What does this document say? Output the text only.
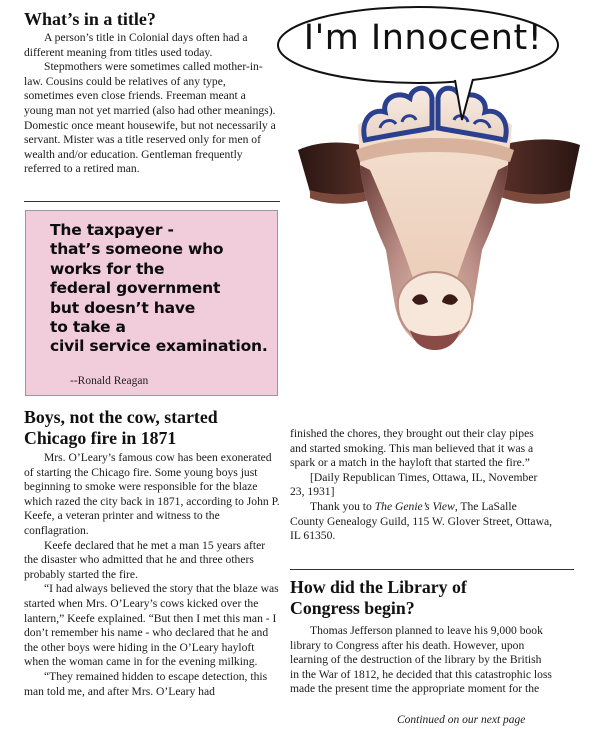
What’s in a title?

A person’s title in Colonial days often had a different meaning from titles used today.

Stepmothers were sometimes called mother-in-law. Cousins could be relatives of any type, sometimes even close friends. Freeman meant a young man not yet married (also had other meanings). Domestic once meant housewife, but not necessarily a servant. Mister was a title reserved only for men of wealth and/or education. Gentleman frequently referred to a retired man.

The taxpayer -
that’s someone who
works for the
federal government
but doesn’t have
to take a
civil service examination.
--Ronald Reagan
I'm Innocent!
Boys, not the cow, started
Chicago fire in 1871

Mrs. O’Leary’s famous cow has been exonerated of starting the Chicago fire. Some young boys just beginning to smoke were responsible for the blaze which razed the city back in 1871, according to John P. Keefe, a veteran printer and witness to the conflagration.

Keefe declared that he met a man 15 years after the disaster who admitted that he and three others probably started the fire.

“I had always believed the story that the blaze was started when Mrs. O’Leary’s cows kicked over the lantern,” Keefe explained. “But then I met this man - I don’t remember his name - who declared that he and the other boys were hiding in the O’Leary hayloft when the woman came in for the evening milking.

“They remained hidden to escape detection, this man told me, and after Mrs. O’Leary had

finished the chores, they brought out their clay pipes and started smoking. This man believed that it was a spark or a match in the hayloft that started the fire.”

[Daily Republican Times, Ottawa, IL, November 23, 1931]

Thank you to The Genie’s View, The LaSalle County Genealogy Guild, 115 W. Glover Street, Ottawa, IL 61350.

How did the Library of
Congress begin?

Thomas Jefferson planned to leave his 9,000 book library to Congress after his death. However, upon learning of the destruction of the library by the British in the War of 1812, he decided that this catastrophic loss made the present time the appropriate moment for the

Continued on our next page
